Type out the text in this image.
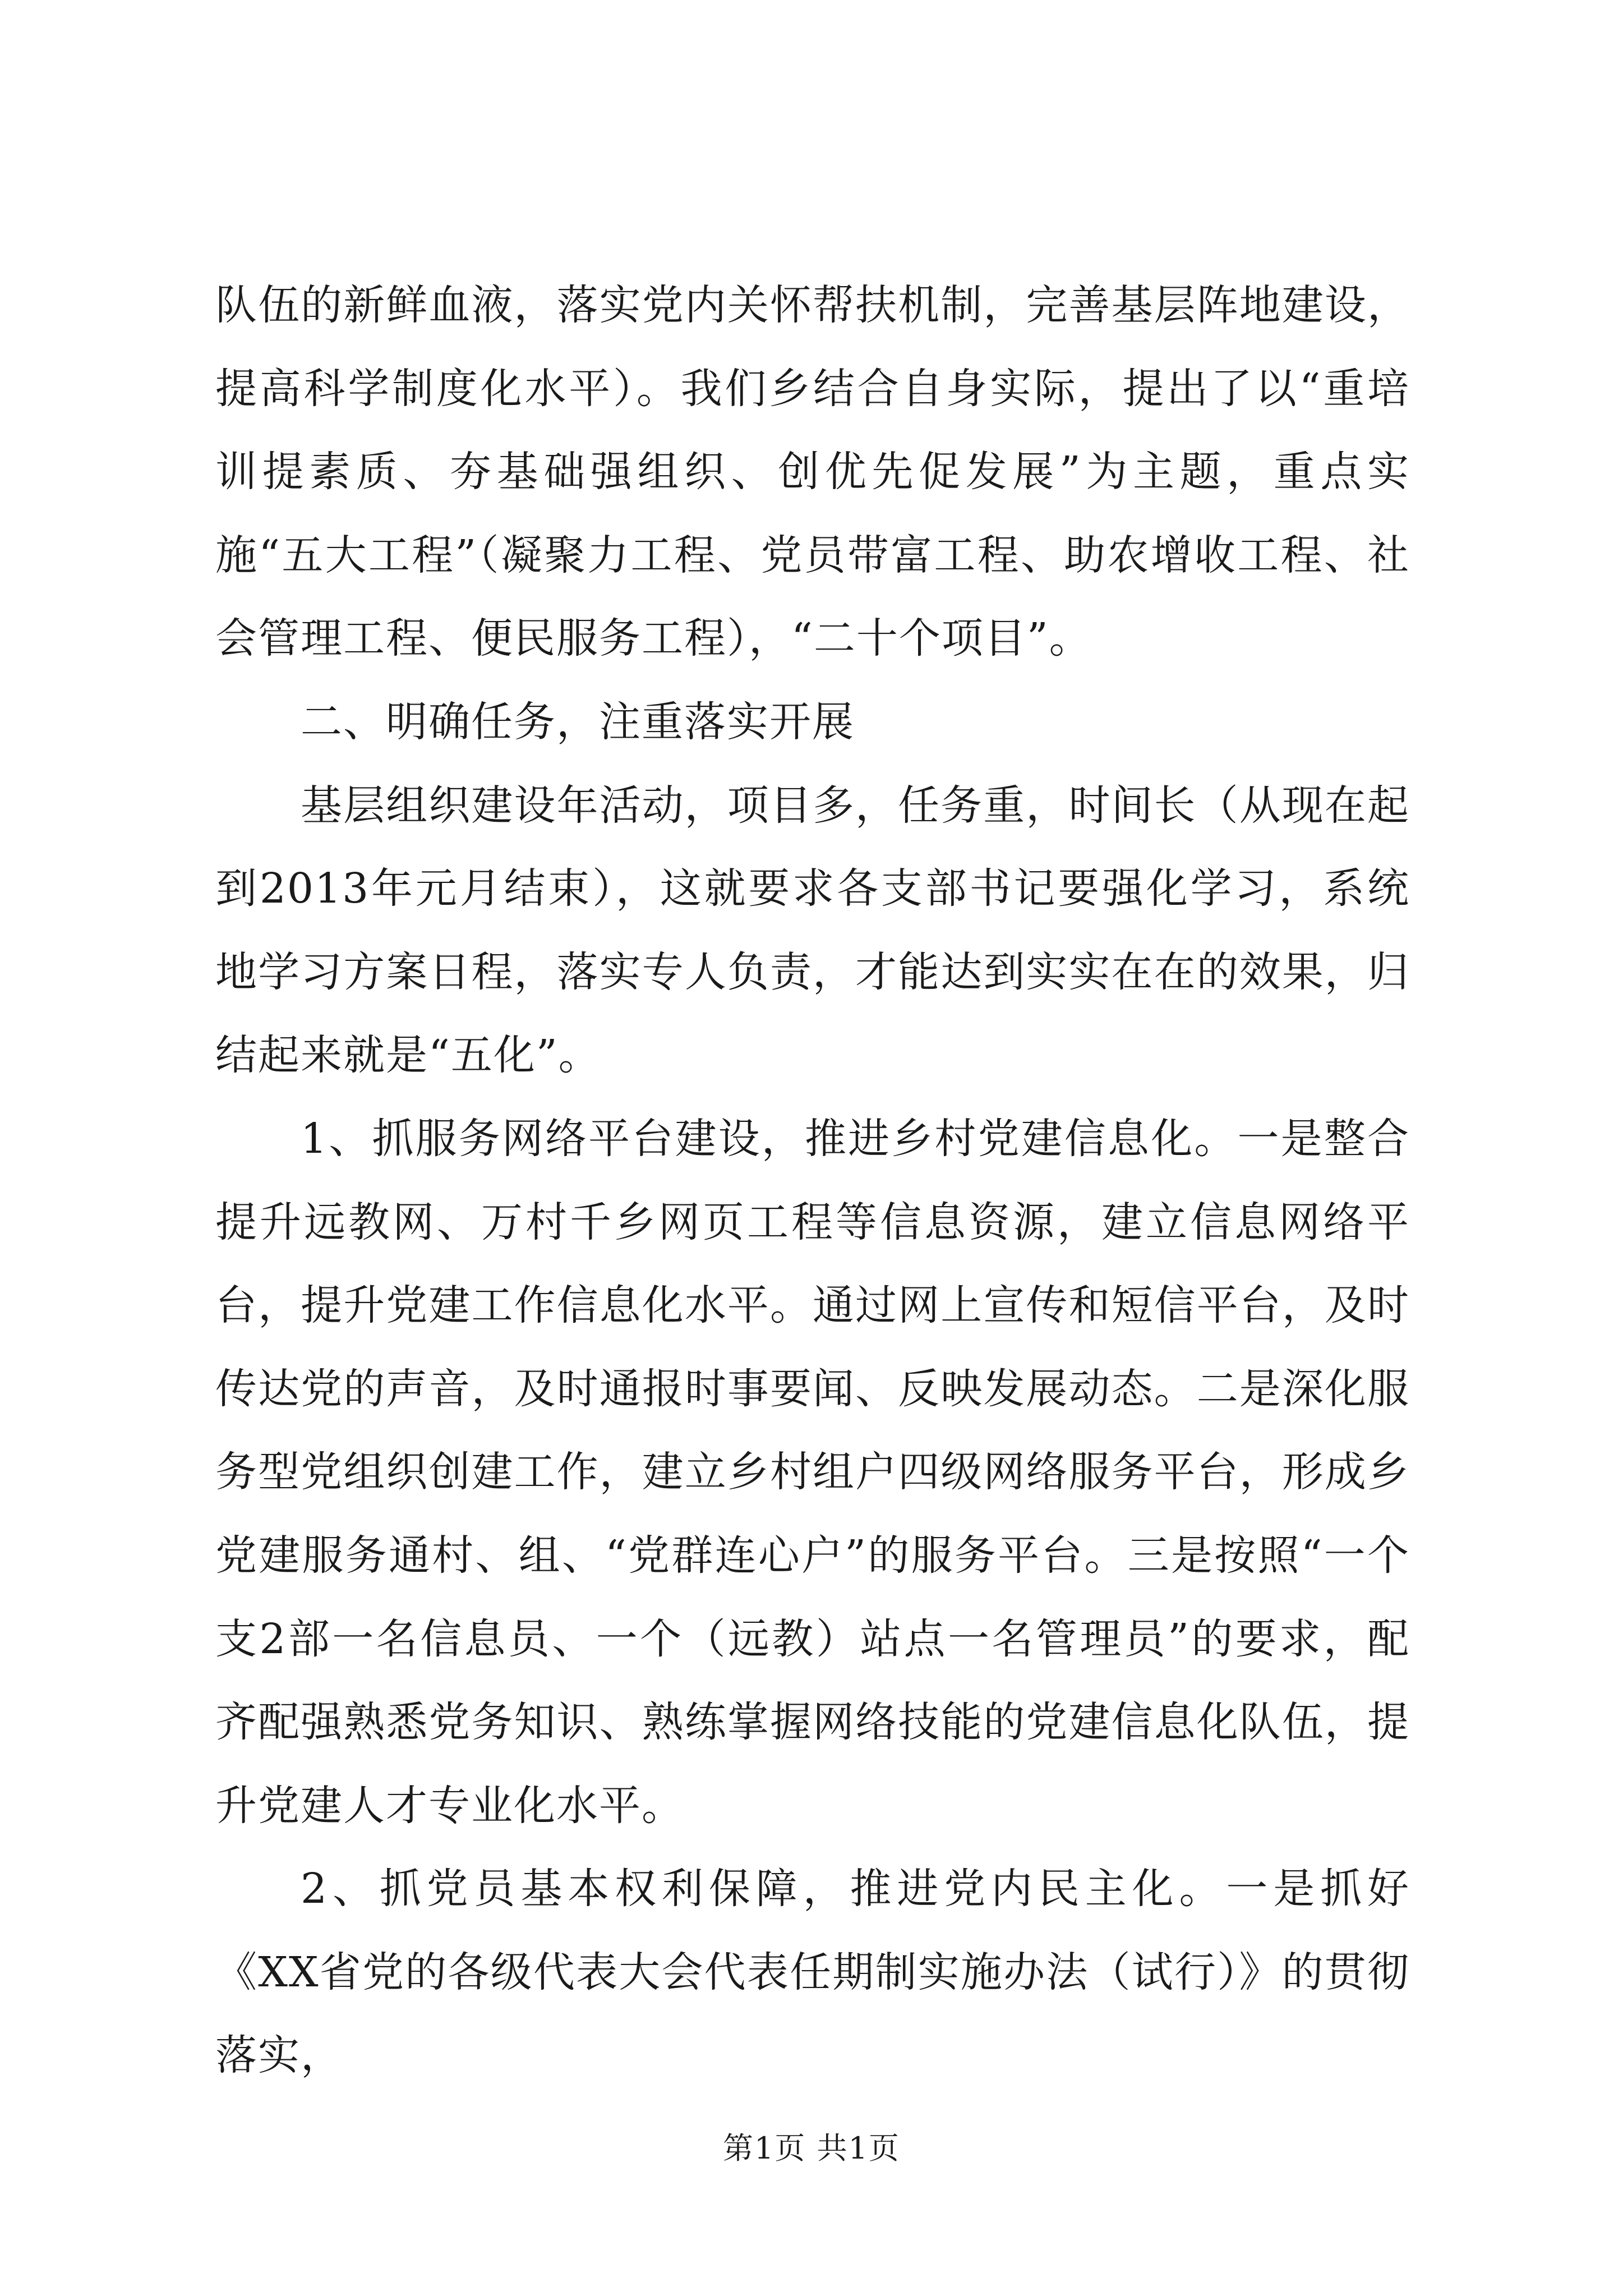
队伍的新鲜血液，落实党内关怀帮扶机制，完善基层阵地建设，提高科学制度化水平）。我们乡结合自身实际，提出了以“重培训提素质、夯基础强组织、创优先促发展”为主题，重点实施“五大工程”（凝聚力工程、党员带富工程、助农增收工程、社会管理工程、便民服务工程），“二十个项目”。

二、明确任务，注重落实开展

基层组织建设年活动，项目多，任务重，时间长（从现在起到2013年元月结束），这就要求各支部书记要强化学习，系统地学习方案日程，落实专人负责，才能达到实实在在的效果，归结起来就是“五化”。

1、抓服务网络平台建设，推进乡村党建信息化。一是整合提升远教网、万村千乡网页工程等信息资源，建立信息网络平台，提升党建工作信息化水平。通过网上宣传和短信平台，及时传达党的声音，及时通报时事要闻、反映发展动态。二是深化服务型党组织创建工作，建立乡村组户四级网络服务平台，形成乡党建服务通村、组、“党群连心户”的服务平台。三是按照“一个支2部一名信息员、一个（远教）站点一名管理员”的要求，配齐配强熟悉党务知识、熟练掌握网络技能的党建信息化队伍，提升党建人才专业化水平。

2、抓党员基本权利保障，推进党内民主化。一是抓好《XX省党的各级代表大会代表任期制实施办法（试行）》的贯彻落实，

第1页 共1页
